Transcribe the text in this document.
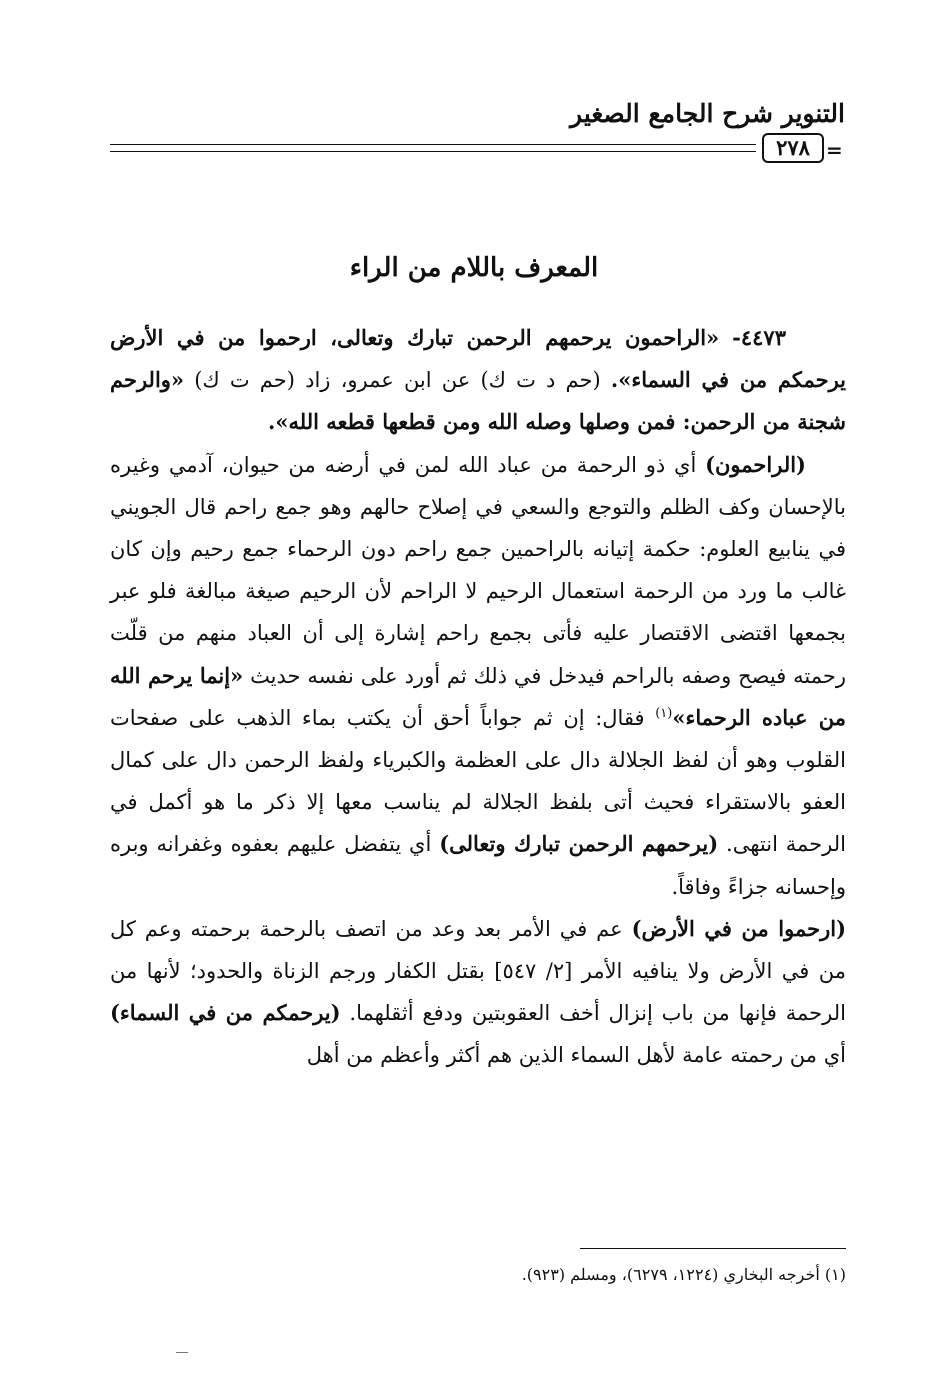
التنوير شرح الجامع الصغير
٢٧٨ =
المعرف باللام من الراء

٤٤٧٣- «الراحمون يرحمهم الرحمن تبارك وتعالى، ارحموا من في الأرض يرحمكم من في السماء». (حم د ت ك) عن ابن عمرو، زاد (حم ت ك) «والرحم شجنة من الرحمن: فمن وصلها وصله الله ومن قطعها قطعه الله».

(الراحمون) أي ذو الرحمة من عباد الله لمن في أرضه من حيوان، آدمي وغيره بالإحسان وكف الظلم والتوجع والسعي في إصلاح حالهم وهو جمع راحم قال الجويني في ينابيع العلوم: حكمة إتيانه بالراحمين جمع راحم دون الرحماء جمع رحيم وإن كان غالب ما ورد من الرحمة استعمال الرحيم لا الراحم لأن الرحيم صيغة مبالغة فلو عبر بجمعها اقتضى الاقتصار عليه فأتى بجمع راحم إشارة إلى أن العباد منهم من قلّت رحمته فيصح وصفه بالراحم فيدخل في ذلك ثم أورد على نفسه حديث «إنما يرحم الله من عباده الرحماء»$^{(١)}$ فقال: إن ثم جواباً أحق أن يكتب بماء الذهب على صفحات القلوب وهو أن لفظ الجلالة دال على العظمة والكبرياء ولفظ الرحمن دال على كمال العفو بالاستقراء فحيث أتى بلفظ الجلالة لم يناسب معها إلا ذكر ما هو أكمل في الرحمة انتهى. (يرحمهم الرحمن تبارك وتعالى) أي يتفضل عليهم بعفوه وغفرانه وبره وإحسانه جزاءً وفاقاً.

(ارحموا من في الأرض) عم في الأمر بعد وعد من اتصف بالرحمة برحمته وعم كل من في الأرض ولا ينافيه الأمر [٢/ ٥٤٧] بقتل الكفار ورجم الزناة والحدود؛ لأنها من الرحمة فإنها من باب إنزال أخف العقوبتين ودفع أثقلهما. (يرحمكم من في السماء) أي من رحمته عامة لأهل السماء الذين هم أكثر وأعظم من أهل

(١) أخرجه البخاري (١٢٢٤، ٦٢٧٩)، ومسلم (٩٢٣).
